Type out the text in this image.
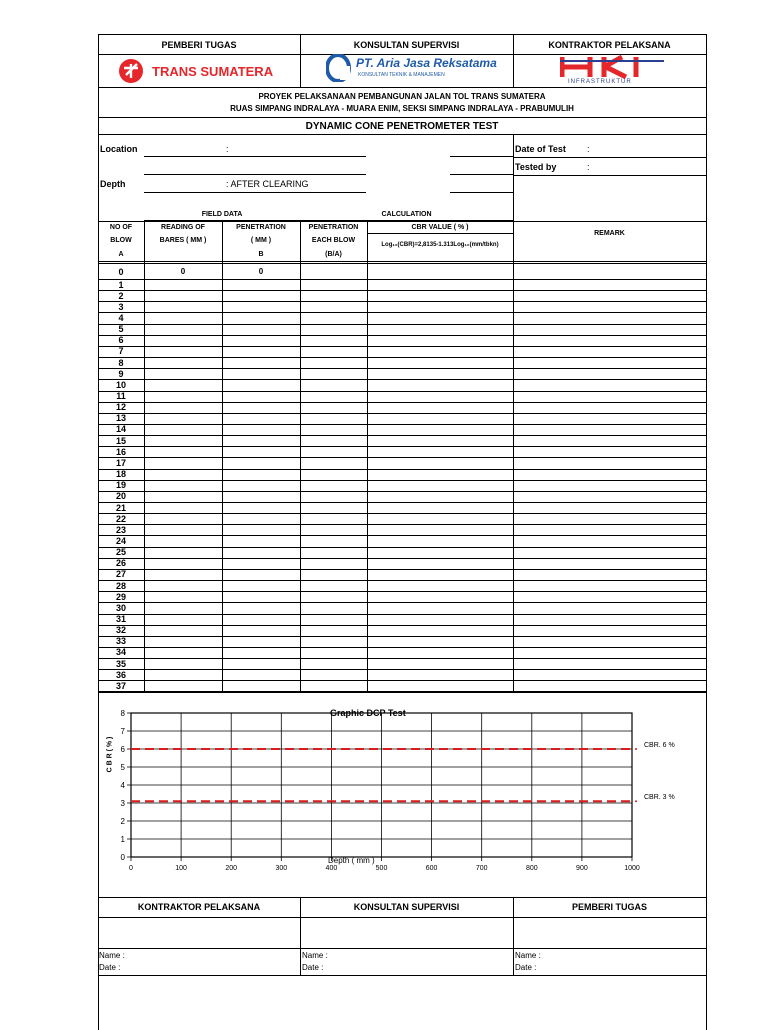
PEMBERI TUGAS	KONSULTAN SUPERVISI	KONTRAKTOR PELAKSANA
TRANS SUMATERA
PT. Aria Jasa Reksatama
KONSULTAN TEKNIK & MANAJEMEN
INFRASTRUKTUR
PROYEK PELAKSANAAN PEMBANGUNAN JALAN TOL TRANS SUMATERA
RUAS SIMPANG INDRALAYA - MUARA ENIM, SEKSI SIMPANG INDRALAYA - PRABUMULIH
DYNAMIC CONE PENETROMETER TEST
Location	:
Depth	: AFTER CLEARING
Date of Test :
Tested by	:
FIELD DATA	CALCULATION
NO OF
BLOW
A
READING OF
BARES ( MM )
PENETRATION
( MM )
B
PENETRATION
EACH BLOW
(B/A)
CBR VALUE ( % )
Log₁₀(CBR)=2,8135-1.313Log₁₀(mm/tbkn)
REMARK
0	0	0
1
2
3
4
5
6
7
8
9
10
11
12
13
14
15
16
17
18
19
20
21
22
23
24
25
26
27
28
29
30
31
32
33
34
35
36
37
0	100	200	300	400	500	600	700	800	900	1000
0
1
2
3
4
5
6
7
8	Graphic DCP Test
Depth ( mm )
C B R ( % )	CBR. 6 %
CBR. 3 %
KONTRAKTOR PELAKSANA	KONSULTAN SUPERVISI	PEMBERI TUGAS
Name :
Date :
Name :
Date :
Name :
Date :
